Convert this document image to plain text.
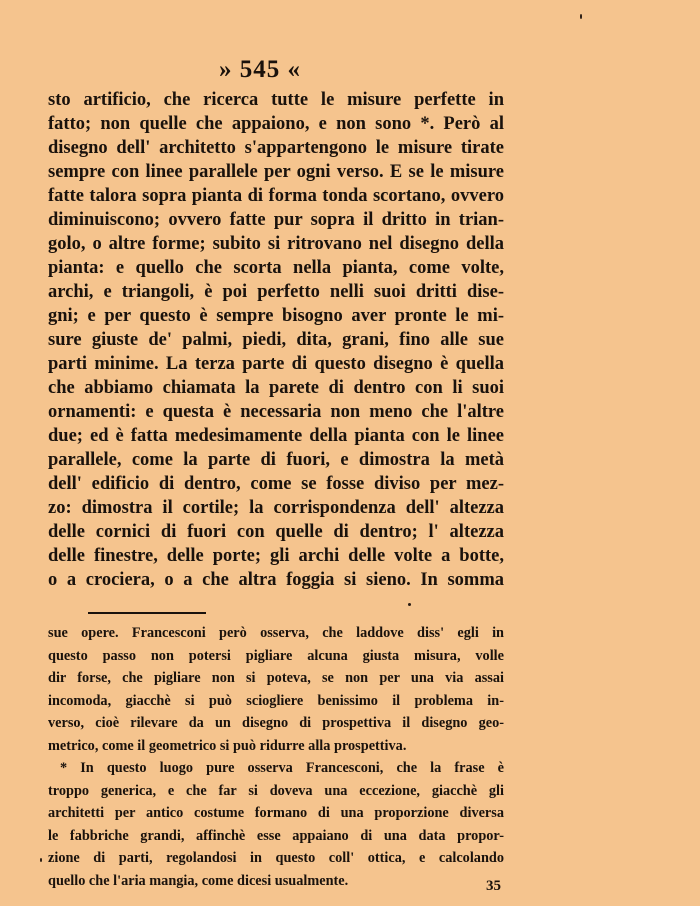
» 545 «
sto artificio, che ricerca tutte le misure perfette in
fatto; non quelle che appaiono, e non sono *. Però al
disegno dell' architetto s'appartengono le misure tirate
sempre con linee parallele per ogni verso. E se le misure
fatte talora sopra pianta di forma tonda scortano, ovvero
diminuiscono; ovvero fatte pur sopra il dritto in trian-
golo, o altre forme; subito si ritrovano nel disegno della
pianta: e quello che scorta nella pianta, come volte,
archi, e triangoli, è poi perfetto nelli suoi dritti dise-
gni; e per questo è sempre bisogno aver pronte le mi-
sure giuste de' palmi, piedi, dita, grani, fino alle sue
parti minime. La terza parte di questo disegno è quella
che abbiamo chiamata la parete di dentro con li suoi
ornamenti: e questa è necessaria non meno che l'altre
due; ed è fatta medesimamente della pianta con le linee
parallele, come la parte di fuori, e dimostra la metà
dell' edificio di dentro, come se fosse diviso per mez-
zo: dimostra il cortile; la corrispondenza dell' altezza
delle cornici di fuori con quelle di dentro; l' altezza
delle finestre, delle porte; gli archi delle volte a botte,
o a crociera, o a che altra foggia si sieno. In somma
sue opere. Francesconi però osserva, che laddove diss' egli in
questo passo non potersi pigliare alcuna giusta misura, volle
dir forse, che pigliare non si poteva, se non per una via assai
incomoda, giacchè si può sciogliere benissimo il problema in-
verso, cioè rilevare da un disegno di prospettiva il disegno geo-
metrico, come il geometrico si può ridurre alla prospettiva.
* In questo luogo pure osserva Francesconi, che la frase è
troppo generica, e che far si doveva una eccezione, giacchè gli
architetti per antico costume formano di una proporzione diversa
le fabbriche grandi, affinchè esse appaiano di una data propor-
zione di parti, regolandosi in questo coll' ottica, e calcolando
quello che l'aria mangia, come dicesi usualmente.	35
